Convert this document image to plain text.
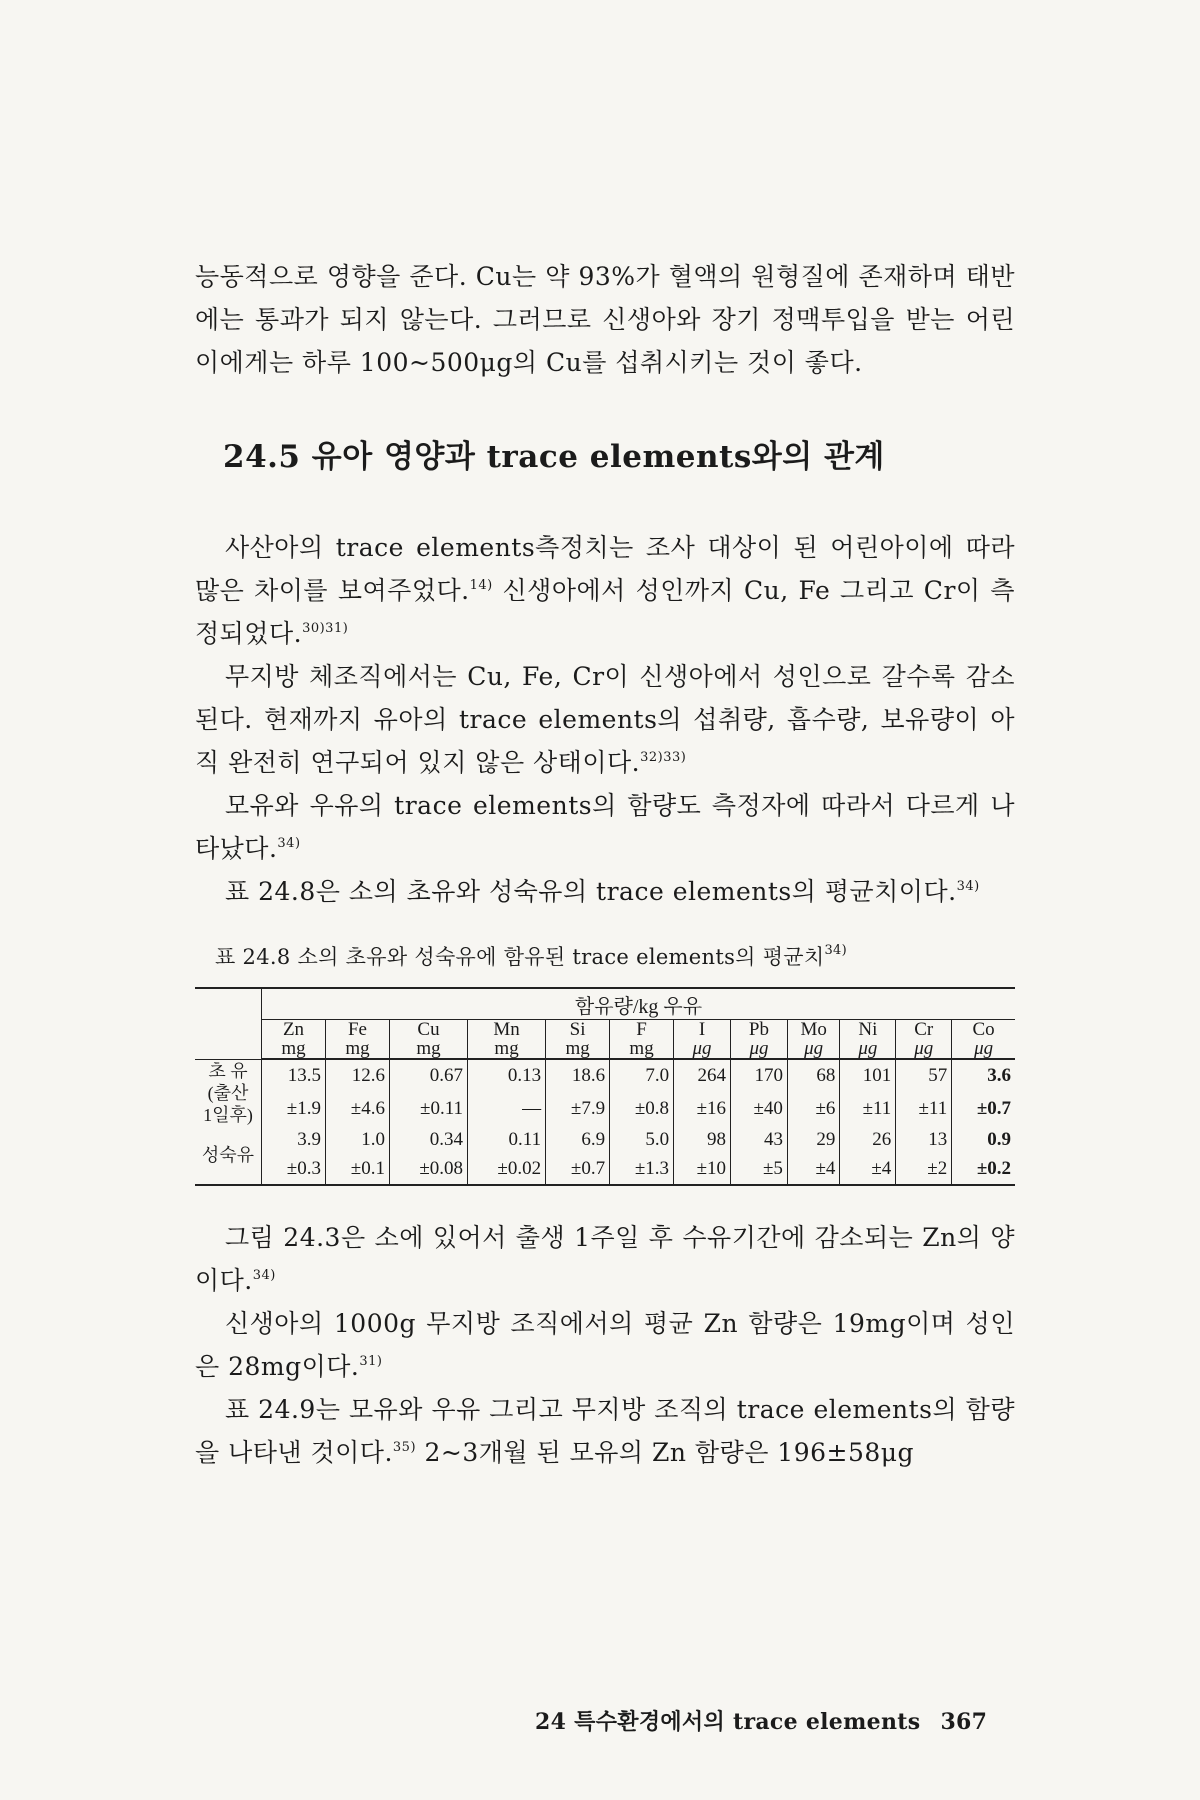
능동적으로 영향을 준다. Cu는 약 93%가 혈액의 원형질에 존재하며 태반에는 통과가 되지 않는다. 그러므로 신생아와 장기 정맥투입을 받는 어린이에게는 하루 100~500μg의 Cu를 섭취시키는 것이 좋다.

24.5 유아 영양과 trace elements와의 관계

사산아의 trace elements측정치는 조사 대상이 된 어린아이에 따라 많은 차이를 보여주었다.$^{14)}$ 신생아에서 성인까지 Cu, Fe 그리고 Cr이 측정되었다.$^{30)31)}$

무지방 체조직에서는 Cu, Fe, Cr이 신생아에서 성인으로 갈수록 감소된다. 현재까지 유아의 trace elements의 섭취량, 흡수량, 보유량이 아직 완전히 연구되어 있지 않은 상태이다.$^{32)33)}$

모유와 우유의 trace elements의 함량도 측정자에 따라서 다르게 나타났다.$^{34)}$

표 24.8은 소의 초유와 성숙유의 trace elements의 평균치이다.$^{34)}$

표 24.8 소의 초유와 성숙유에 함유된 trace elements의 평균치$^{34)}$
	함유량/kg 우유											
	Zn	Fe	Cu	Mn	Si	F	I	Pb	Mo	Ni	Cr	Co
	mg	mg	mg	mg	mg	mg	μg	μg	μg	μg	μg	μg

초 유
(출산
1일후)	13.5	12.6	0.67	0.13	18.6	7.0	264	170	68	101	57	3.6
	±1.9	±4.6	±0.11	—	±7.9	±0.8	±16	±40	±6	±11	±11	±0.7
성숙유	3.9	1.0	0.34	0.11	6.9	5.0	98	43	29	26	13	0.9
	±0.3	±0.1	±0.08	±0.02	±0.7	±1.3	±10	±5	±4	±4	±2	±0.2

그림 24.3은 소에 있어서 출생 1주일 후 수유기간에 감소되는 Zn의 양이다.$^{34)}$

신생아의 1000g 무지방 조직에서의 평균 Zn 함량은 19mg이며 성인은 28mg이다.$^{31)}$

표 24.9는 모유와 우유 그리고 무지방 조직의 trace elements의 함량을 나타낸 것이다.$^{35)}$ 2~3개월 된 모유의 Zn 함량은 196±58μg

24 특수환경에서의 trace elements 367
